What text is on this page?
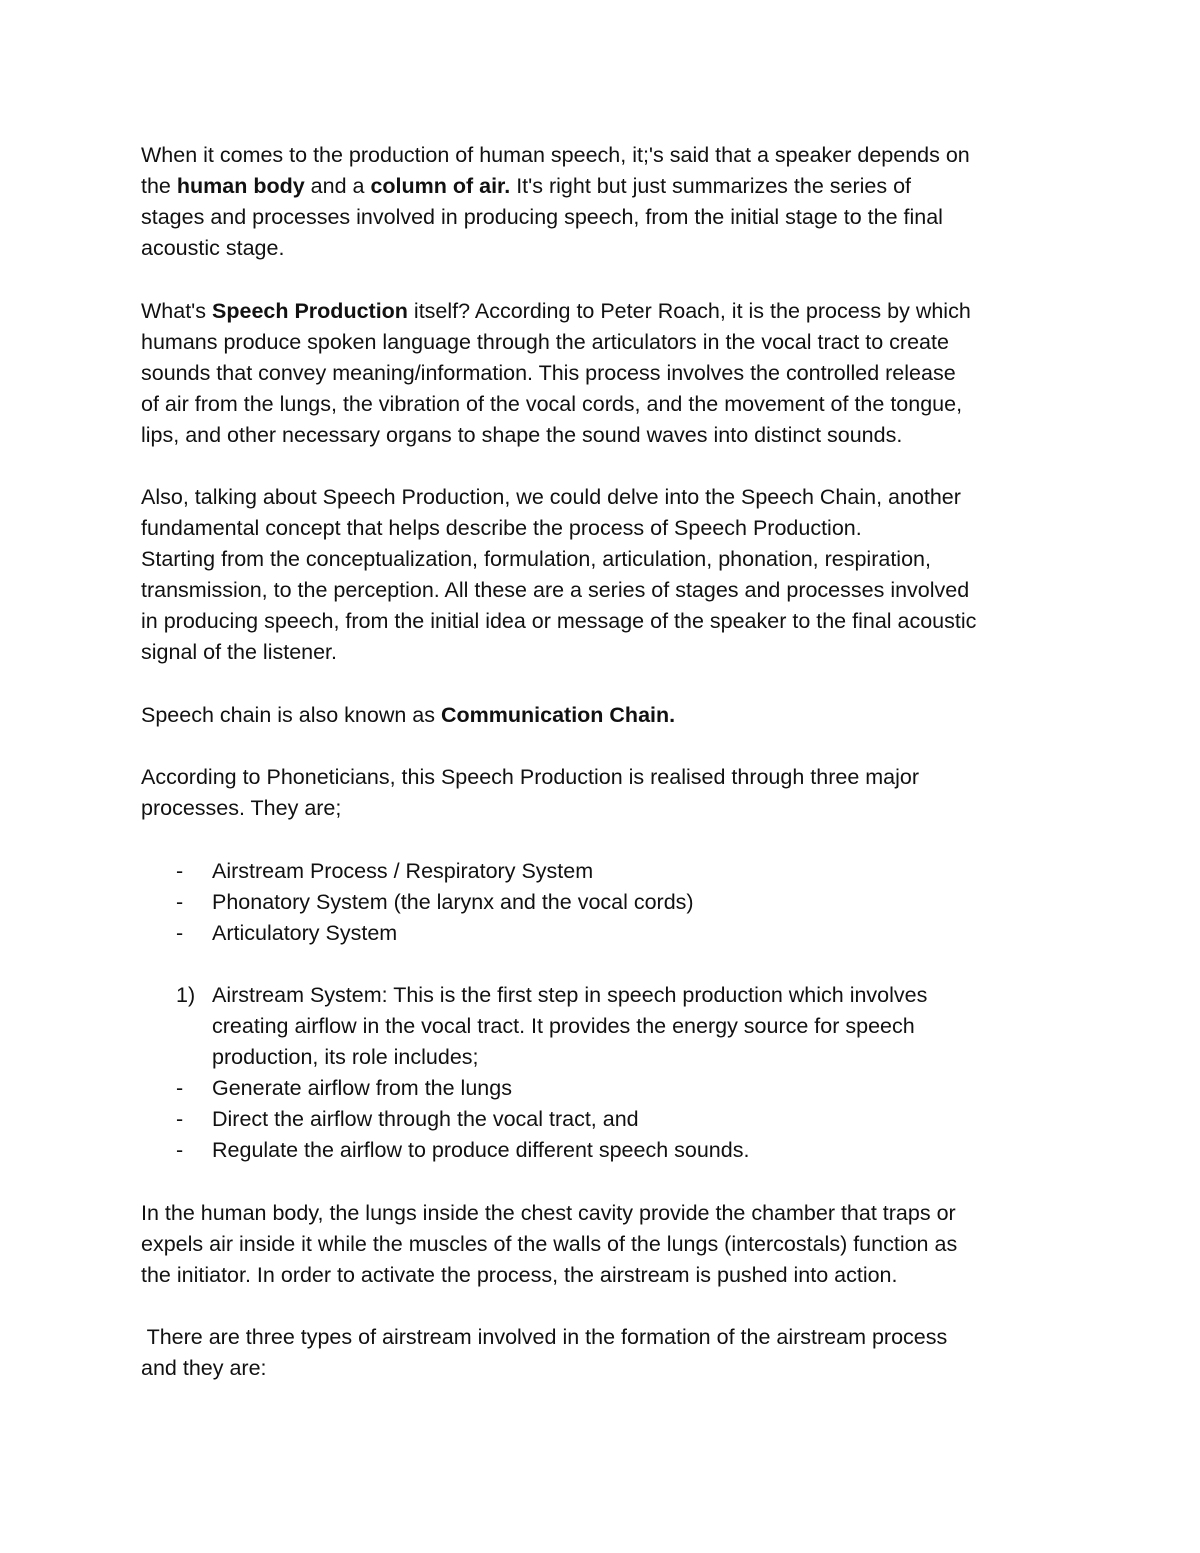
When it comes to the production of human speech, it;'s said that a speaker depends on
the human body and a column of air. It's right but just summarizes the series of
stages and processes involved in producing speech, from the initial stage to the final
acoustic stage.

What's Speech Production itself? According to Peter Roach, it is the process by which
humans produce spoken language through the articulators in the vocal tract to create
sounds that convey meaning/information. This process involves the controlled release
of air from the lungs, the vibration of the vocal cords, and the movement of the tongue,
lips, and other necessary organs to shape the sound waves into distinct sounds.

Also, talking about Speech Production, we could delve into the Speech Chain, another
fundamental concept that helps describe the process of Speech Production.
Starting from the conceptualization, formulation, articulation, phonation, respiration,
transmission, to the perception. All these are a series of stages and processes involved
in producing speech, from the initial idea or message of the speaker to the final acoustic
signal of the listener.

Speech chain is also known as Communication Chain.

According to Phoneticians, this Speech Production is realised through three major
processes. They are;

- Airstream Process / Respiratory System
- Phonatory System (the larynx and the vocal cords)
- Articulatory System
1) Airstream System: This is the first step in speech production which involves
creating airflow in the vocal tract. It provides the energy source for speech
production, its role includes;
- Generate airflow from the lungs
- Direct the airflow through the vocal tract, and
- Regulate the airflow to produce different speech sounds.

In the human body, the lungs inside the chest cavity provide the chamber that traps or
expels air inside it while the muscles of the walls of the lungs (intercostals) function as
the initiator. In order to activate the process, the airstream is pushed into action.

There are three types of airstream involved in the formation of the airstream process
and they are:
